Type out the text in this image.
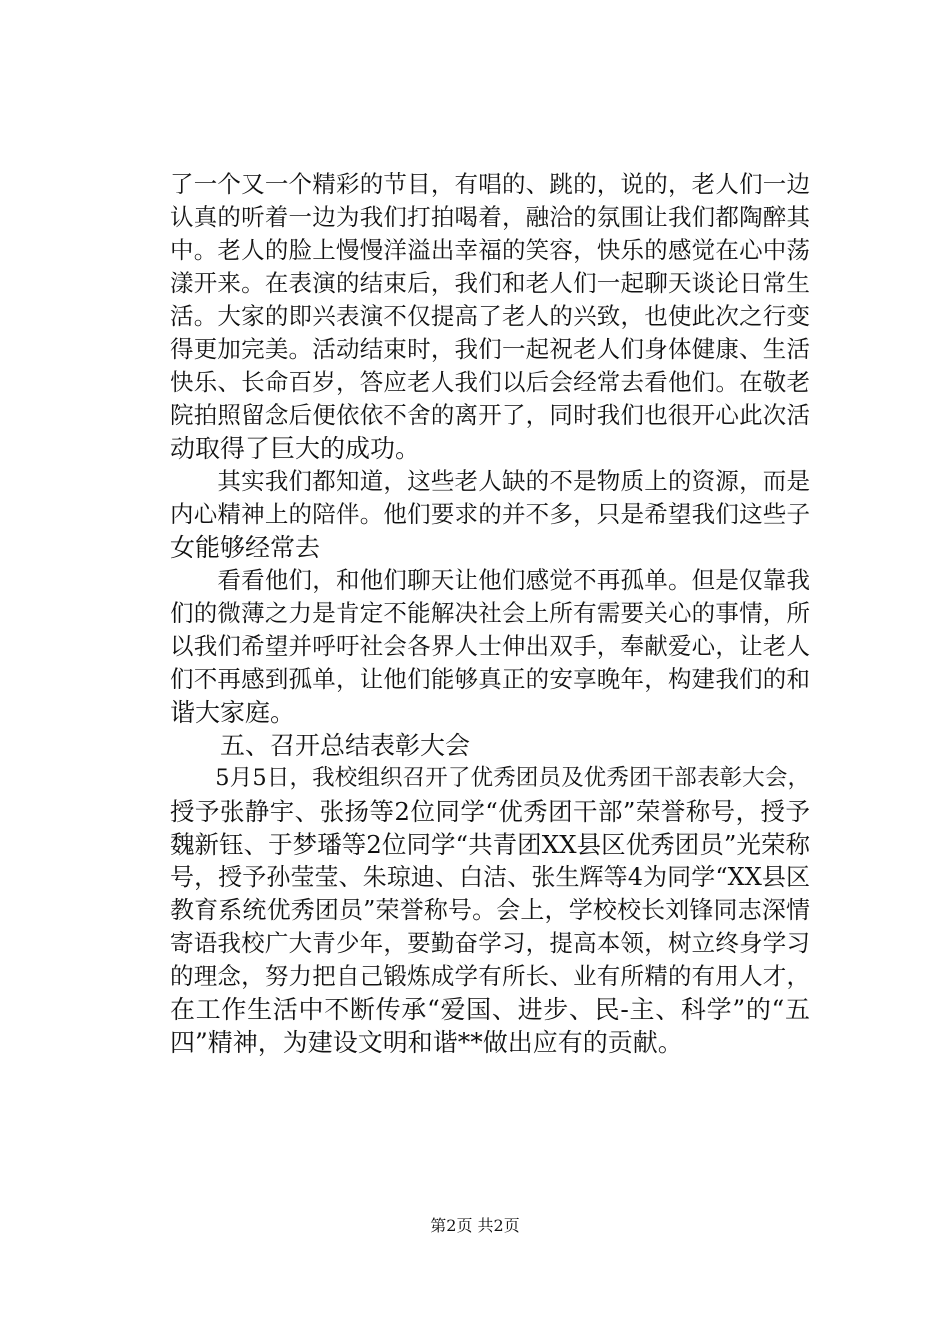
了一个又一个精彩的节目，有唱的、跳的，说的，老人们一边
认真的听着一边为我们打拍喝着，融洽的氛围让我们都陶醉其
中。老人的脸上慢慢洋溢出幸福的笑容，快乐的感觉在心中荡
漾开来。在表演的结束后，我们和老人们一起聊天谈论日常生
活。大家的即兴表演不仅提高了老人的兴致，也使此次之行变
得更加完美。活动结束时，我们一起祝老人们身体健康、生活
快乐、长命百岁，答应老人我们以后会经常去看他们。在敬老
院拍照留念后便依依不舍的离开了，同时我们也很开心此次活
动取得了巨大的成功。
　　其实我们都知道，这些老人缺的不是物质上的资源，而是
内心精神上的陪伴。他们要求的并不多，只是希望我们这些子
女能够经常去
　　看看他们，和他们聊天让他们感觉不再孤单。但是仅靠我
们的微薄之力是肯定不能解决社会上所有需要关心的事情，所
以我们希望并呼吁社会各界人士伸出双手，奉献爱心，让老人
们不再感到孤单，让他们能够真正的安享晚年，构建我们的和
谐大家庭。
　　五、召开总结表彰大会
　　5月5日，我校组织召开了优秀团员及优秀团干部表彰大会，
授予张静宇、张扬等2位同学“优秀团干部”荣誉称号，授予
魏新钰、于梦璠等2位同学“共青团XX县区优秀团员”光荣称
号，授予孙莹莹、朱琼迪、白洁、张生辉等4为同学“XX县区
教育系统优秀团员”荣誉称号。会上，学校校长刘锋同志深情
寄语我校广大青少年，要勤奋学习，提高本领，树立终身学习
的理念，努力把自己锻炼成学有所长、业有所精的有用人才，
在工作生活中不断传承“爱国、进步、民-主、科学”的“五
四”精神，为建设文明和谐**做出应有的贡献。
第2页 共2页
